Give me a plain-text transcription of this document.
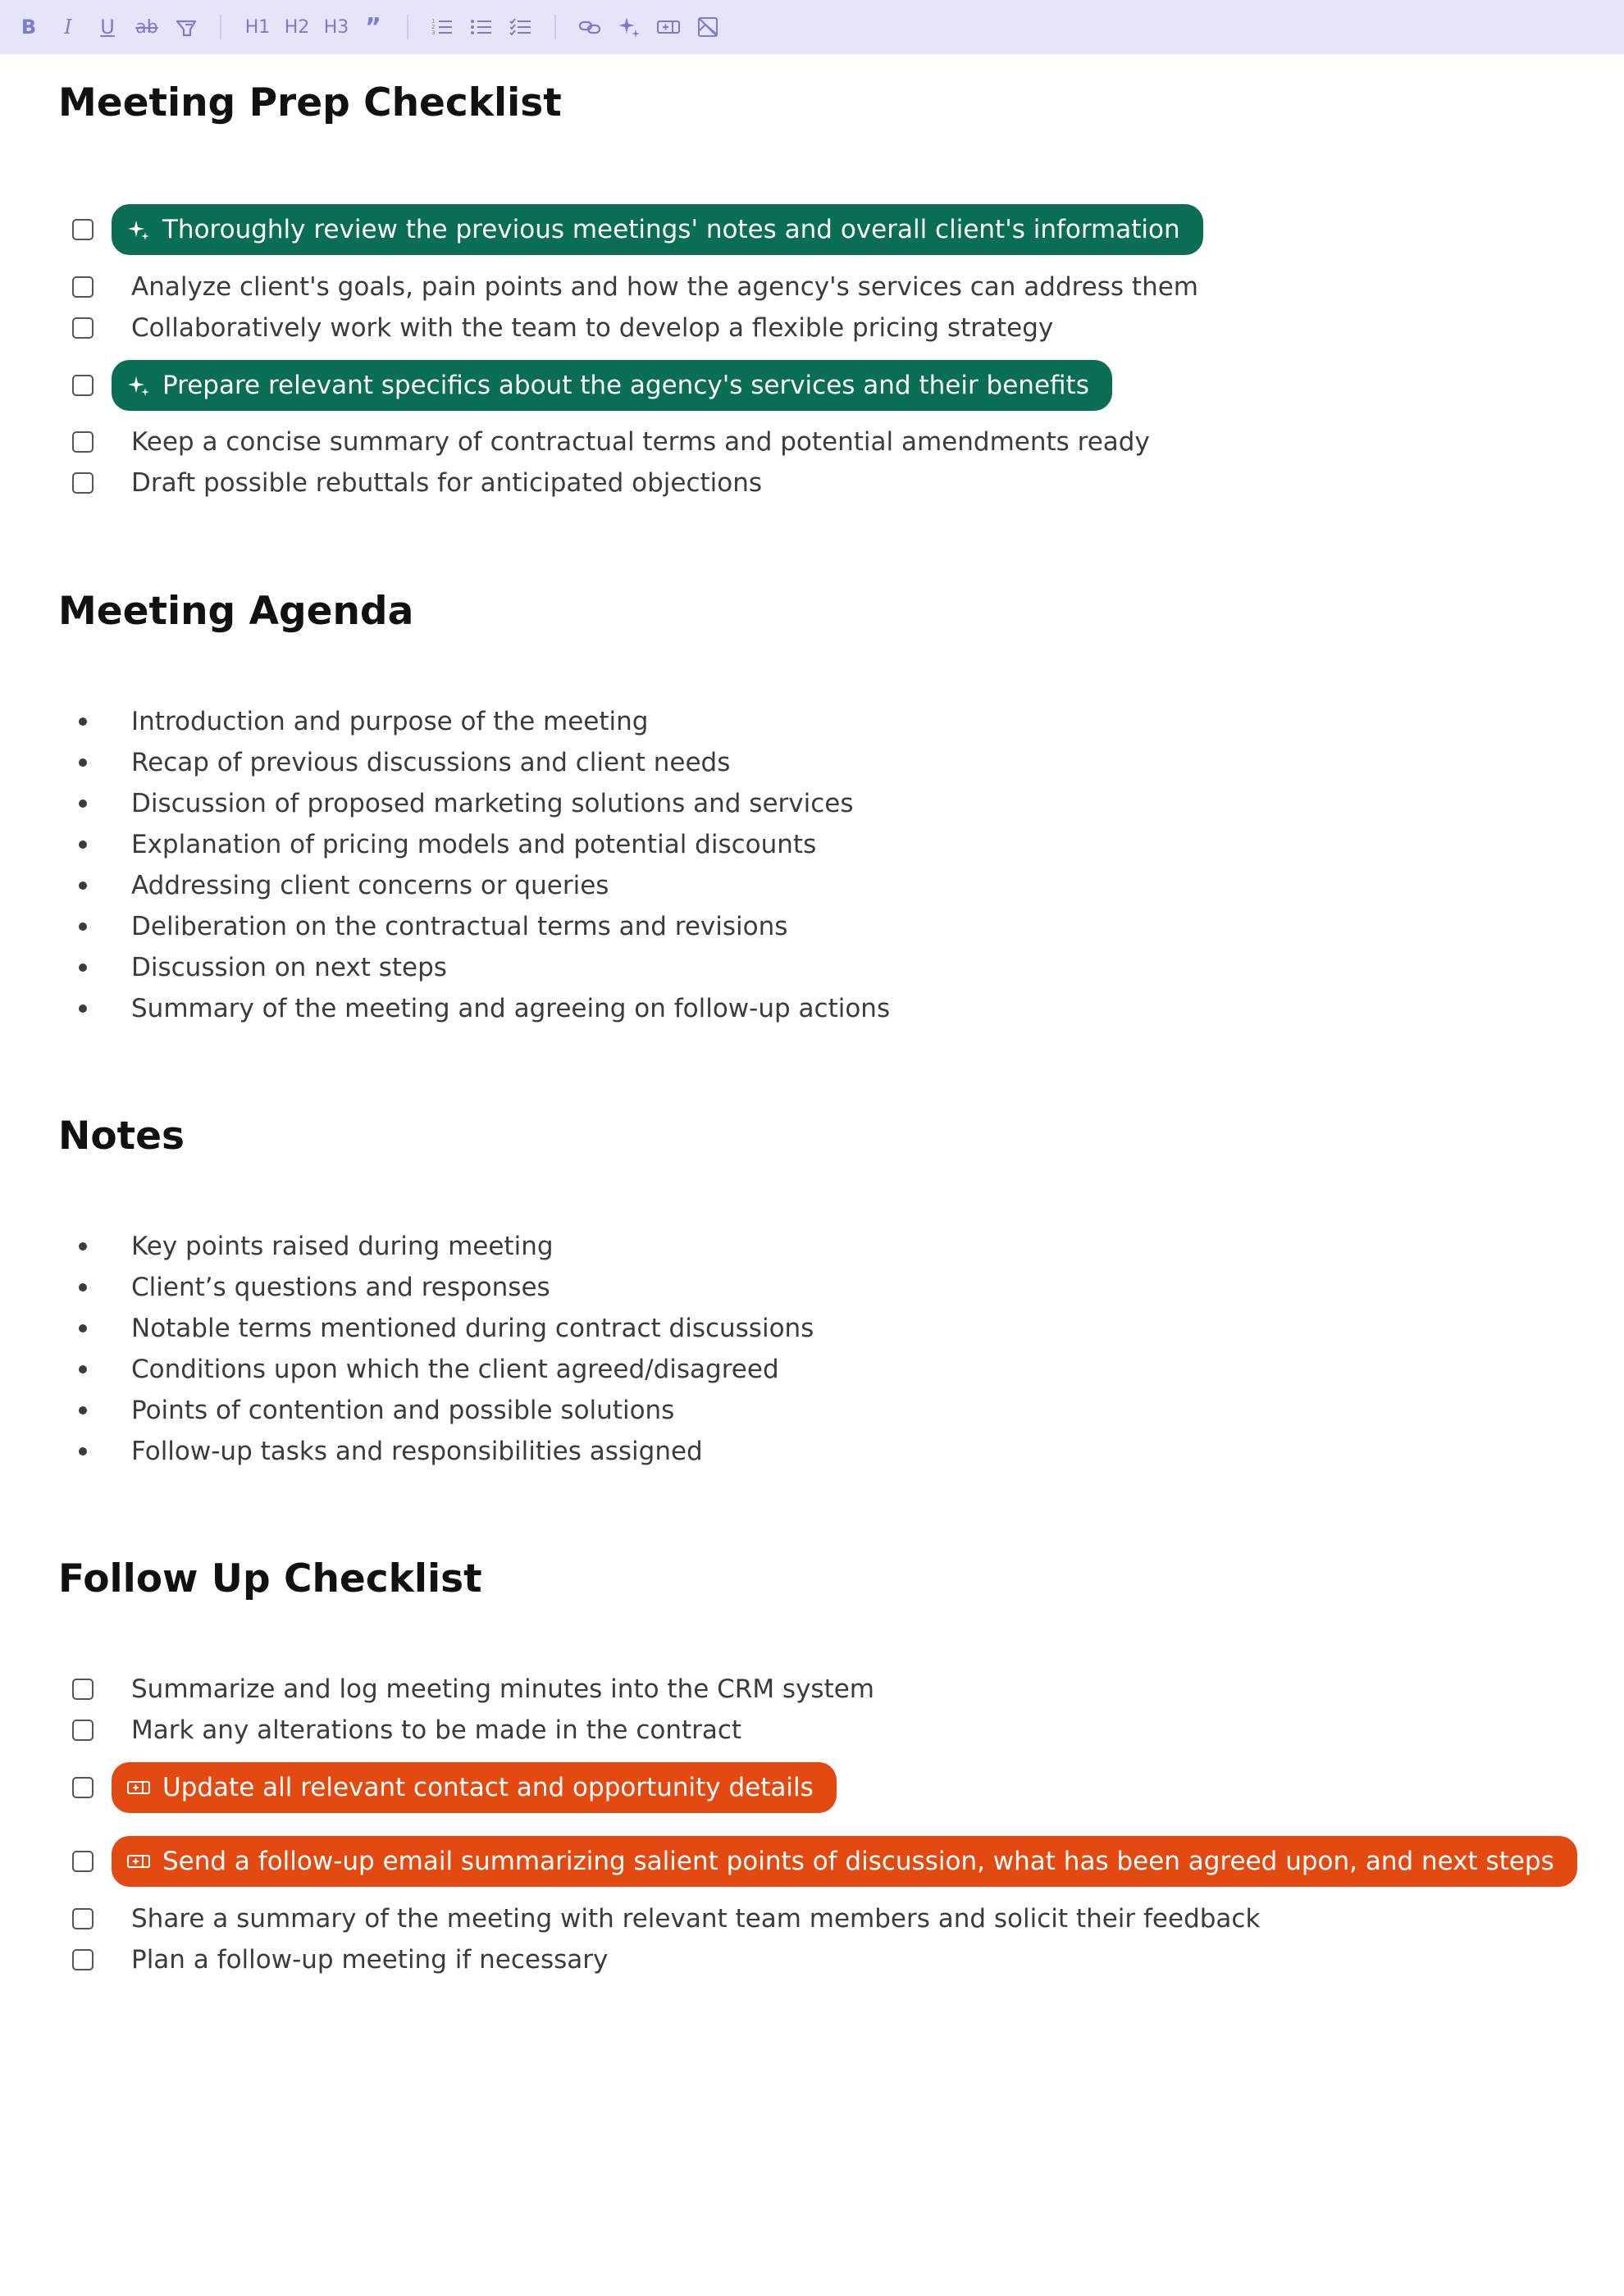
B	I	U	ab	H1 H2 H3 ”	1
2
3
Meeting Prep Checklist
Thoroughly review the previous meetings' notes and overall client's information
Analyze client's goals, pain points and how the agency's services can address them
Collaboratively work with the team to develop a flexible pricing strategy
Prepare relevant specifics about the agency's services and their benefits
Keep a concise summary of contractual terms and potential amendments ready
Draft possible rebuttals for anticipated objections
Meeting Agenda
Introduction and purpose of the meeting
Recap of previous discussions and client needs
Discussion of proposed marketing solutions and services
Explanation of pricing models and potential discounts
Addressing client concerns or queries
Deliberation on the contractual terms and revisions
Discussion on next steps
Summary of the meeting and agreeing on follow-up actions
Notes
Key points raised during meeting
Client’s questions and responses
Notable terms mentioned during contract discussions
Conditions upon which the client agreed/disagreed
Points of contention and possible solutions
Follow-up tasks and responsibilities assigned
Follow Up Checklist
Summarize and log meeting minutes into the CRM system
Mark any alterations to be made in the contract
Update all relevant contact and opportunity details
Send a follow-up email summarizing salient points of discussion, what has been agreed upon, and next steps
Share a summary of the meeting with relevant team members and solicit their feedback
Plan a follow-up meeting if necessary
